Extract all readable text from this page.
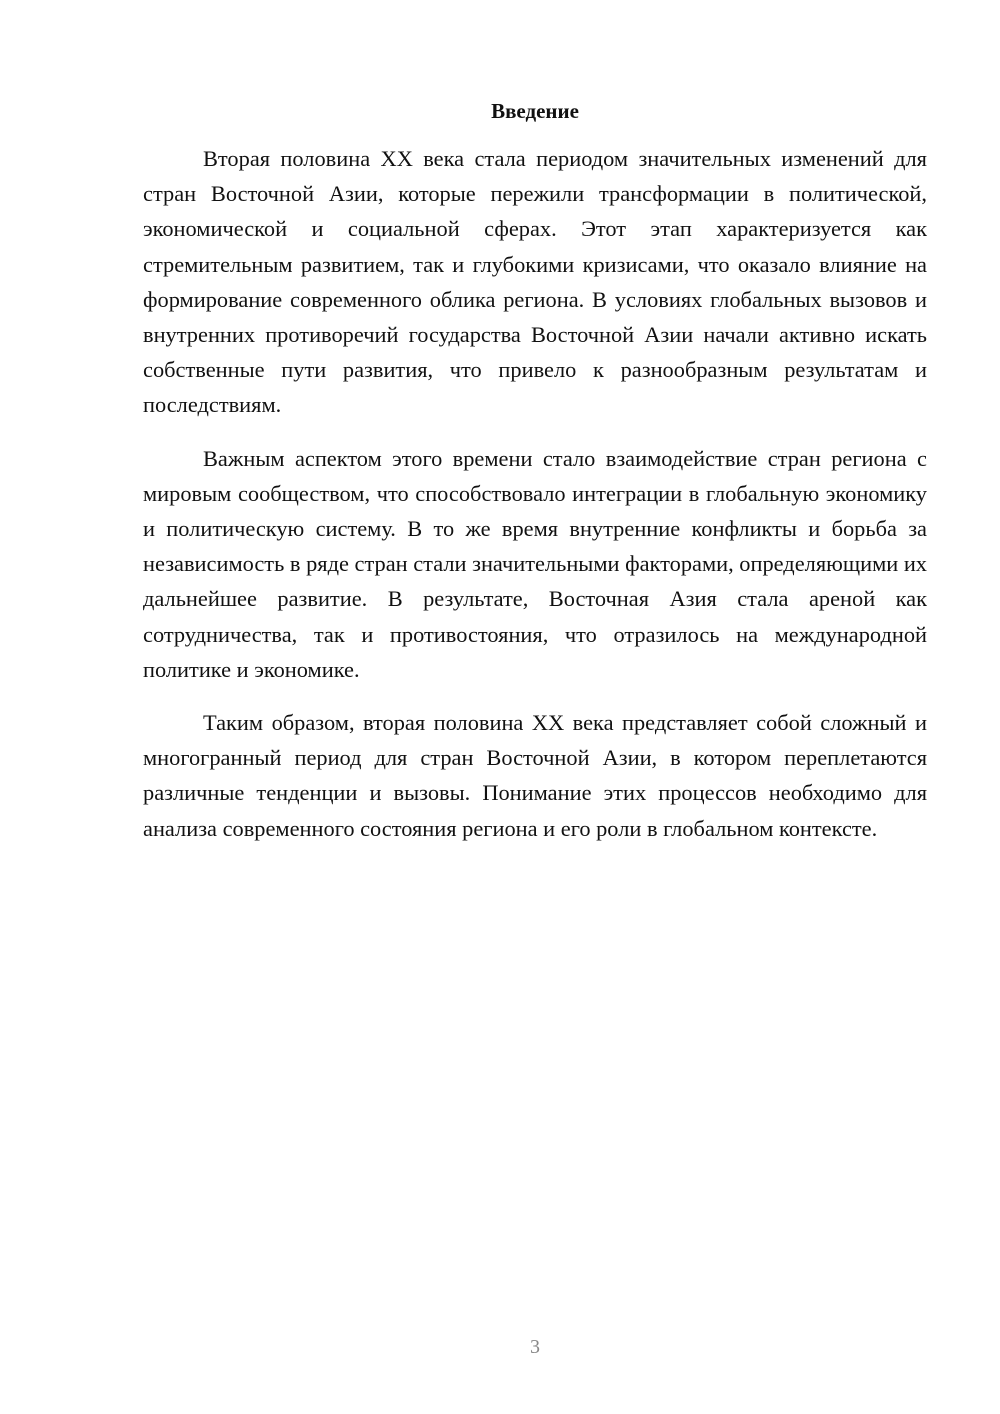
Введение

Вторая половина XX века стала периодом значительных изменений для стран Восточной Азии, которые пережили трансформации в политической, экономической и социальной сферах. Этот этап характеризуется как стремительным развитием, так и глубокими кризисами, что оказало влияние на формирование современного облика региона. В условиях глобальных вызовов и внутренних противоречий государства Восточной Азии начали активно искать собственные пути развития, что привело к разнообразным результатам и последствиям.

Важным аспектом этого времени стало взаимодействие стран региона с мировым сообществом, что способствовало интеграции в глобальную экономику и политическую систему. В то же время внутренние конфликты и борьба за независимость в ряде стран стали значительными факторами, определяющими их дальнейшее развитие. В результате, Восточная Азия стала ареной как сотрудничества, так и противостояния, что отразилось на международной политике и экономике.

Таким образом, вторая половина XX века представляет собой сложный и многогранный период для стран Восточной Азии, в котором переплетаются различные тенденции и вызовы. Понимание этих процессов необходимо для анализа современного состояния региона и его роли в глобальном контексте.

3
